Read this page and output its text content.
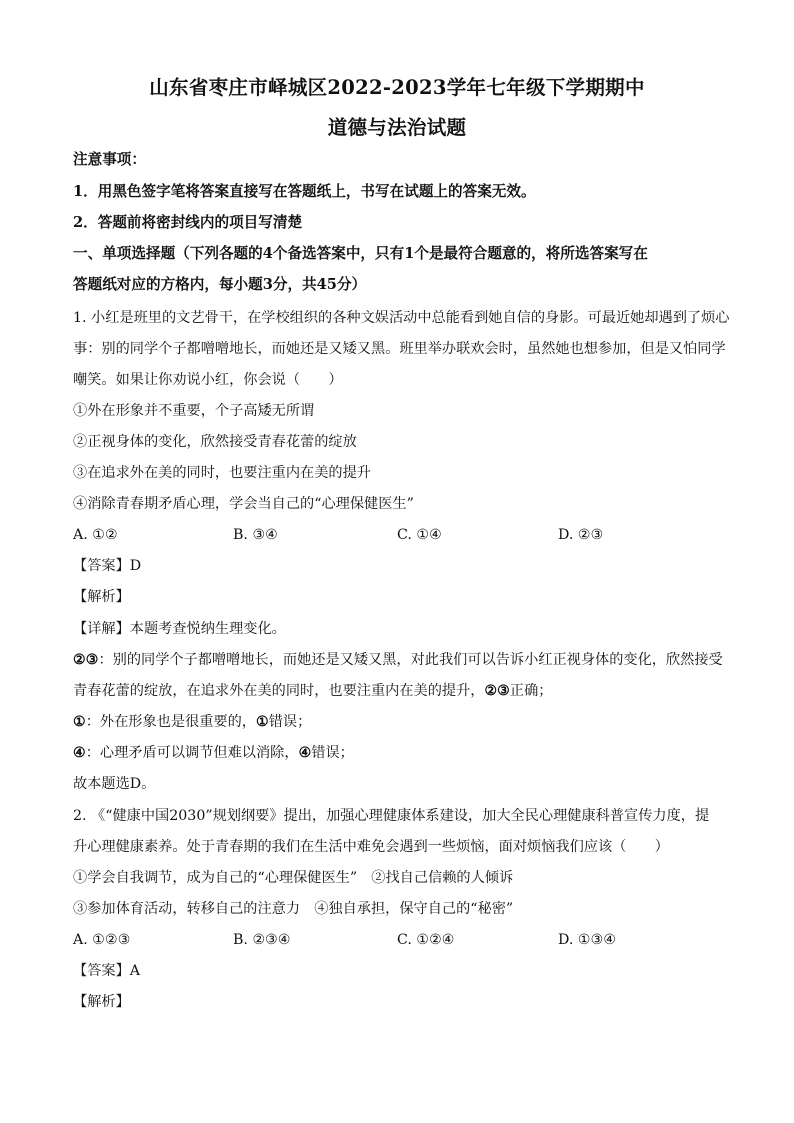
山东省枣庄市峄城区2022-2023学年七年级下学期期中
道德与法治试题
注意事项：
1．用黑色签字笔将答案直接写在答题纸上，书写在试题上的答案无效。
2．答题前将密封线内的项目写清楚
一、单项选择题（下列各题的4个备选答案中，只有1个是最符合题意的，将所选答案写在
答题纸对应的方格内，每小题3分，共45分）
1. 小红是班里的文艺骨干，在学校组织的各种文娱活动中总能看到她自信的身影。可最近她却遇到了烦心
事：别的同学个子都噌噌地长，而她还是又矮又黑。班里举办联欢会时，虽然她也想参加，但是又怕同学
嘲笑。如果让你劝说小红，你会说（　　）
①外在形象并不重要，个子高矮无所谓
②正视身体的变化，欣然接受青春花蕾的绽放
③在追求外在美的同时，也要注重内在美的提升
④消除青春期矛盾心理，学会当自己的“心理保健医生”
A. ①②	B. ③④	C. ①④	D. ②③
【答案】D
【解析】
【详解】本题考查悦纳生理变化。
②③：别的同学个子都噌噌地长，而她还是又矮又黑，对此我们可以告诉小红正视身体的变化，欣然接受
青春花蕾的绽放，在追求外在美的同时，也要注重内在美的提升，②③正确；
①：外在形象也是很重要的，①错误；
④：心理矛盾可以调节但难以消除，④错误；
故本题选D。
2. 《“健康中国2030”规划纲要》提出，加强心理健康体系建设，加大全民心理健康科普宣传力度，提
升心理健康素养。处于青春期的我们在生活中难免会遇到一些烦恼，面对烦恼我们应该（　　）
①学会自我调节，成为自己的“心理保健医生”　②找自己信赖的人倾诉
③参加体育活动，转移自己的注意力　④独自承担，保守自己的“秘密”
A. ①②③	B. ②③④	C. ①②④	D. ①③④
【答案】A
【解析】
